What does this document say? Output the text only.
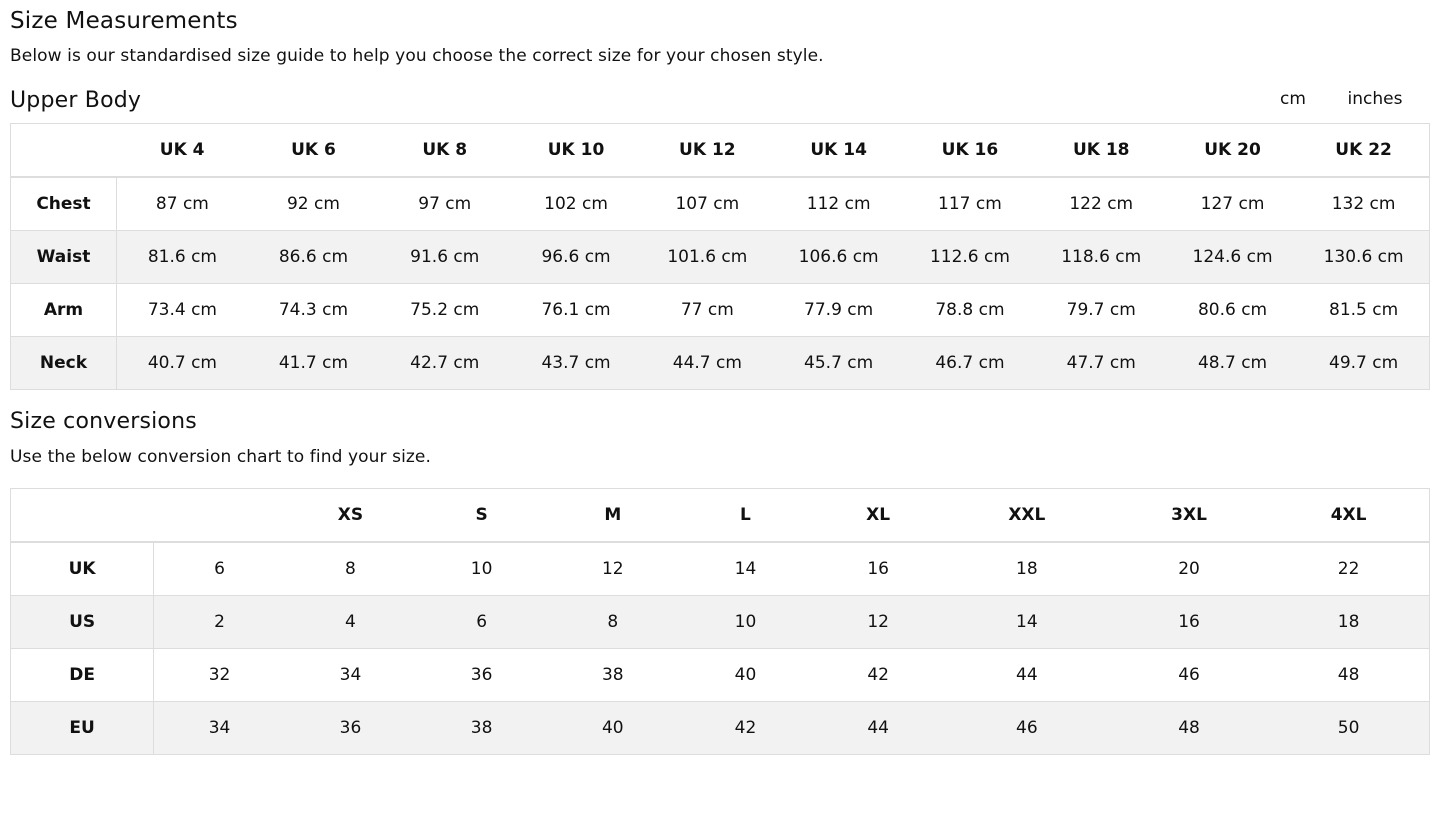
Size Measurements

Below is our standardised size guide to help you choose the correct size for your chosen style.

Upper Body	cm	inches
	UK 4	UK 6	UK 8	UK 10	UK 12	UK 14	UK 16	UK 18	UK 20	UK 22
Chest	87 cm	92 cm	97 cm	102 cm	107 cm	112 cm	117 cm	122 cm	127 cm	132 cm
Waist	81.6 cm	86.6 cm	91.6 cm	96.6 cm	101.6 cm	106.6 cm	112.6 cm	118.6 cm	124.6 cm	130.6 cm
Arm	73.4 cm	74.3 cm	75.2 cm	76.1 cm	77 cm	77.9 cm	78.8 cm	79.7 cm	80.6 cm	81.5 cm
Neck	40.7 cm	41.7 cm	42.7 cm	43.7 cm	44.7 cm	45.7 cm	46.7 cm	47.7 cm	48.7 cm	49.7 cm
Size conversions

Use the below conversion chart to find your size.

		XS	S	M	L	XL	XXL	3XL	4XL
UK	6	8	10	12	14	16	18	20	22
US	2	4	6	8	10	12	14	16	18
DE	32	34	36	38	40	42	44	46	48
EU	34	36	38	40	42	44	46	48	50
